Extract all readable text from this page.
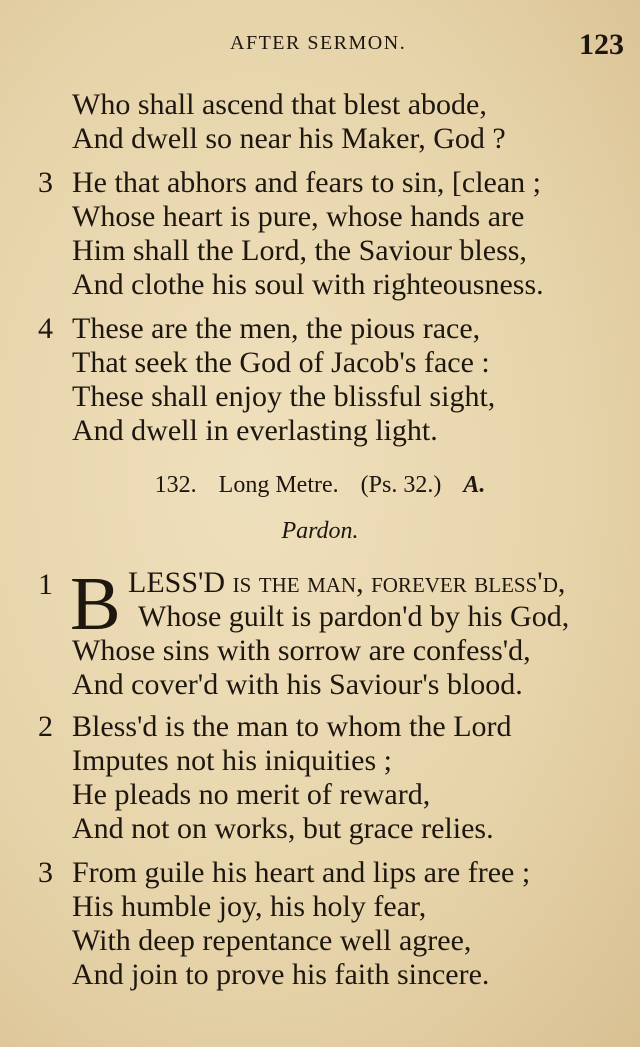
AFTER SERMON.	123
Who shall ascend that blest abode,
And dwell so near his Maker, God ?
3 He that abhors and fears to sin, [clean ;
Whose heart is pure, whose hands are
Him shall the Lord, the Saviour bless,
And clothe his soul with righteousness.
4 These are the men, the pious race,
That seek the God of Jacob's face :
These shall enjoy the blissful sight,
And dwell in everlasting light.
132. Long Metre. (Ps. 32.) A.
Pardon.
1 B LESS'D is the man, forever bless'd,
Whose guilt is pardon'd by his God,
Whose sins with sorrow are confess'd,
And cover'd with his Saviour's blood.
2 Bless'd is the man to whom the Lord
Imputes not his iniquities ;
He pleads no merit of reward,
And not on works, but grace relies.
3 From guile his heart and lips are free ;
His humble joy, his holy fear,
With deep repentance well agree,
And join to prove his faith sincere.
